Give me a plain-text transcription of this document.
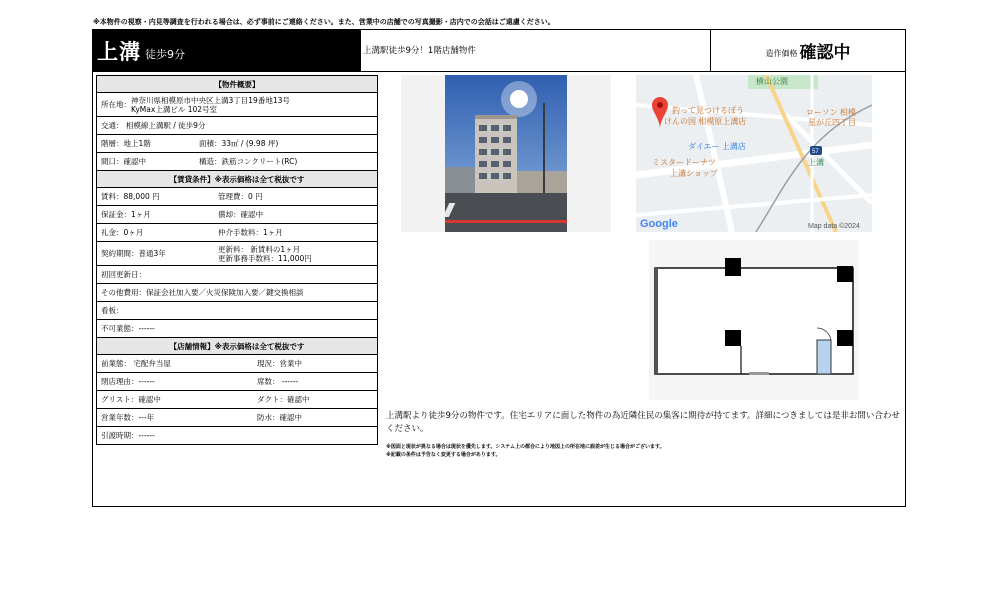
※本物件の視察・内見等調査を行われる場合は、必ず事前にご連絡ください。また、営業中の店舗での写真撮影・店内での会話はご遠慮ください。
上溝 徒歩9分	上溝駅徒歩9分！1階店舗物件	造作価格 確認中
【物件概要】
所在地： 神奈川県相模原市中央区上溝3丁目19番地13号
KyMax上溝ビル 102号室
交通： 相模線上溝駅 / 徒歩9分
階層：地上1階	面積：33㎡ / (9.98 坪)
間口：確認中	構造：鉄筋コンクリート(RC)
【賃貸条件】※表示価格は全て税抜です
賃料：88,000 円	管理費：0 円
保証金：1ヶ月	償却：確認中
礼金：0ヶ月	仲介手数料：1ヶ月
契約期間：普通3年	更新料： 新賃料の1ヶ月
更新事務手数料：11,000円
初回更新日：
その他費用：保証会社加入要／火災保険加入要／鍵交換相談
看板：
不可業態：------
【店舗情報】※表示価格は全て税抜です
前業態： 宅配弁当屋	現況：営業中
閉店理由：------	席数： ------
グリスト：確認中	ダクト：確認中
営業年数：---年	防水：確認中
引渡時期：------
横山公園
釣って見つけるぼう
けんの国 相模原上溝店
ダイエー 上溝店
ローソン 相模
星が丘四丁目
ミスタードーナツ
上溝ショップ
上溝
57
Google	Map data ©2024
上溝駅より徒歩9分の物件です。住宅エリアに面した物件の為近隣住民の集客に期待が持てます。詳細につきましては是非お問い合わせください。
※図面と現状が異なる場合は現状を優先します。システム上の都合により地図上の所在地に誤差が生じる場合がございます。
※記載の条件は予告なく変更する場合があります。
